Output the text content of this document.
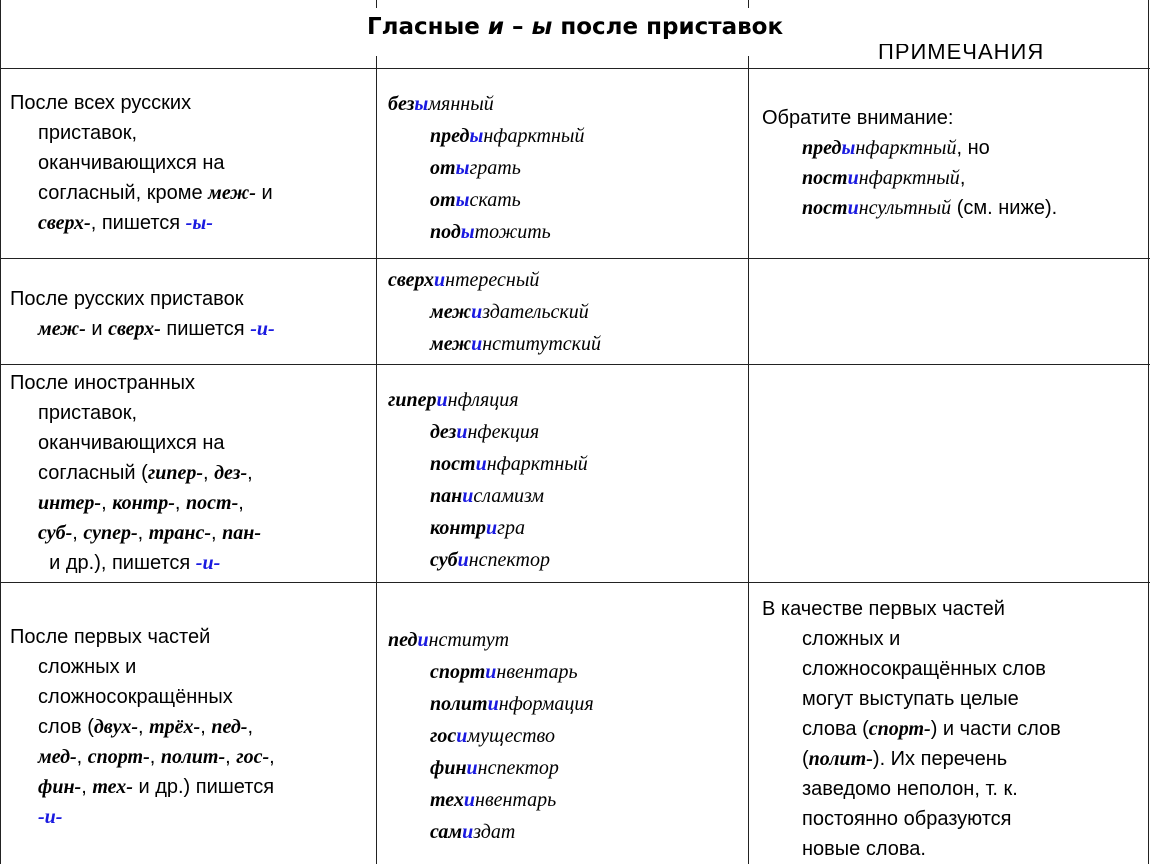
Гласные и – ы после приставок
ПРИМЕЧАНИЯ
После всех русских
приставок,
оканчивающихся на
согласный, кроме меж- и
сверх-, пишется -ы-
безымянный
предынфарктный
отыграть
отыскать
подытожить
Обратите внимание:
предынфарктный, но
постинфарктный,
постинсультный (см. ниже).
После русских приставок
меж- и сверх- пишется -и-
сверхинтересный
межиздательский
межинститутский
После иностранных
приставок,
оканчивающихся на
согласный (гипер-, дез-,
интер-, контр-, пост-,
суб-, супер-, транс-, пан-
и др.), пишется -и-
гиперинфляция
дезинфекция
постинфарктный
панисламизм
контригра
субинспектор
После первых частей
сложных и
сложносокращённых
слов (двух-, трёх-, пед-,
мед-, спорт-, полит-, гос-,
фин-, тех- и др.) пишется
-и-
пединститут
спортинвентарь
политинформация
госимущество
фининспектор
техинвентарь
самиздат
В качестве первых частей
сложных и
сложносокращённых слов
могут выступать целые
слова (спорт-) и части слов
(полит-). Их перечень
заведомо неполон, т. к.
постоянно образуются
новые слова.
